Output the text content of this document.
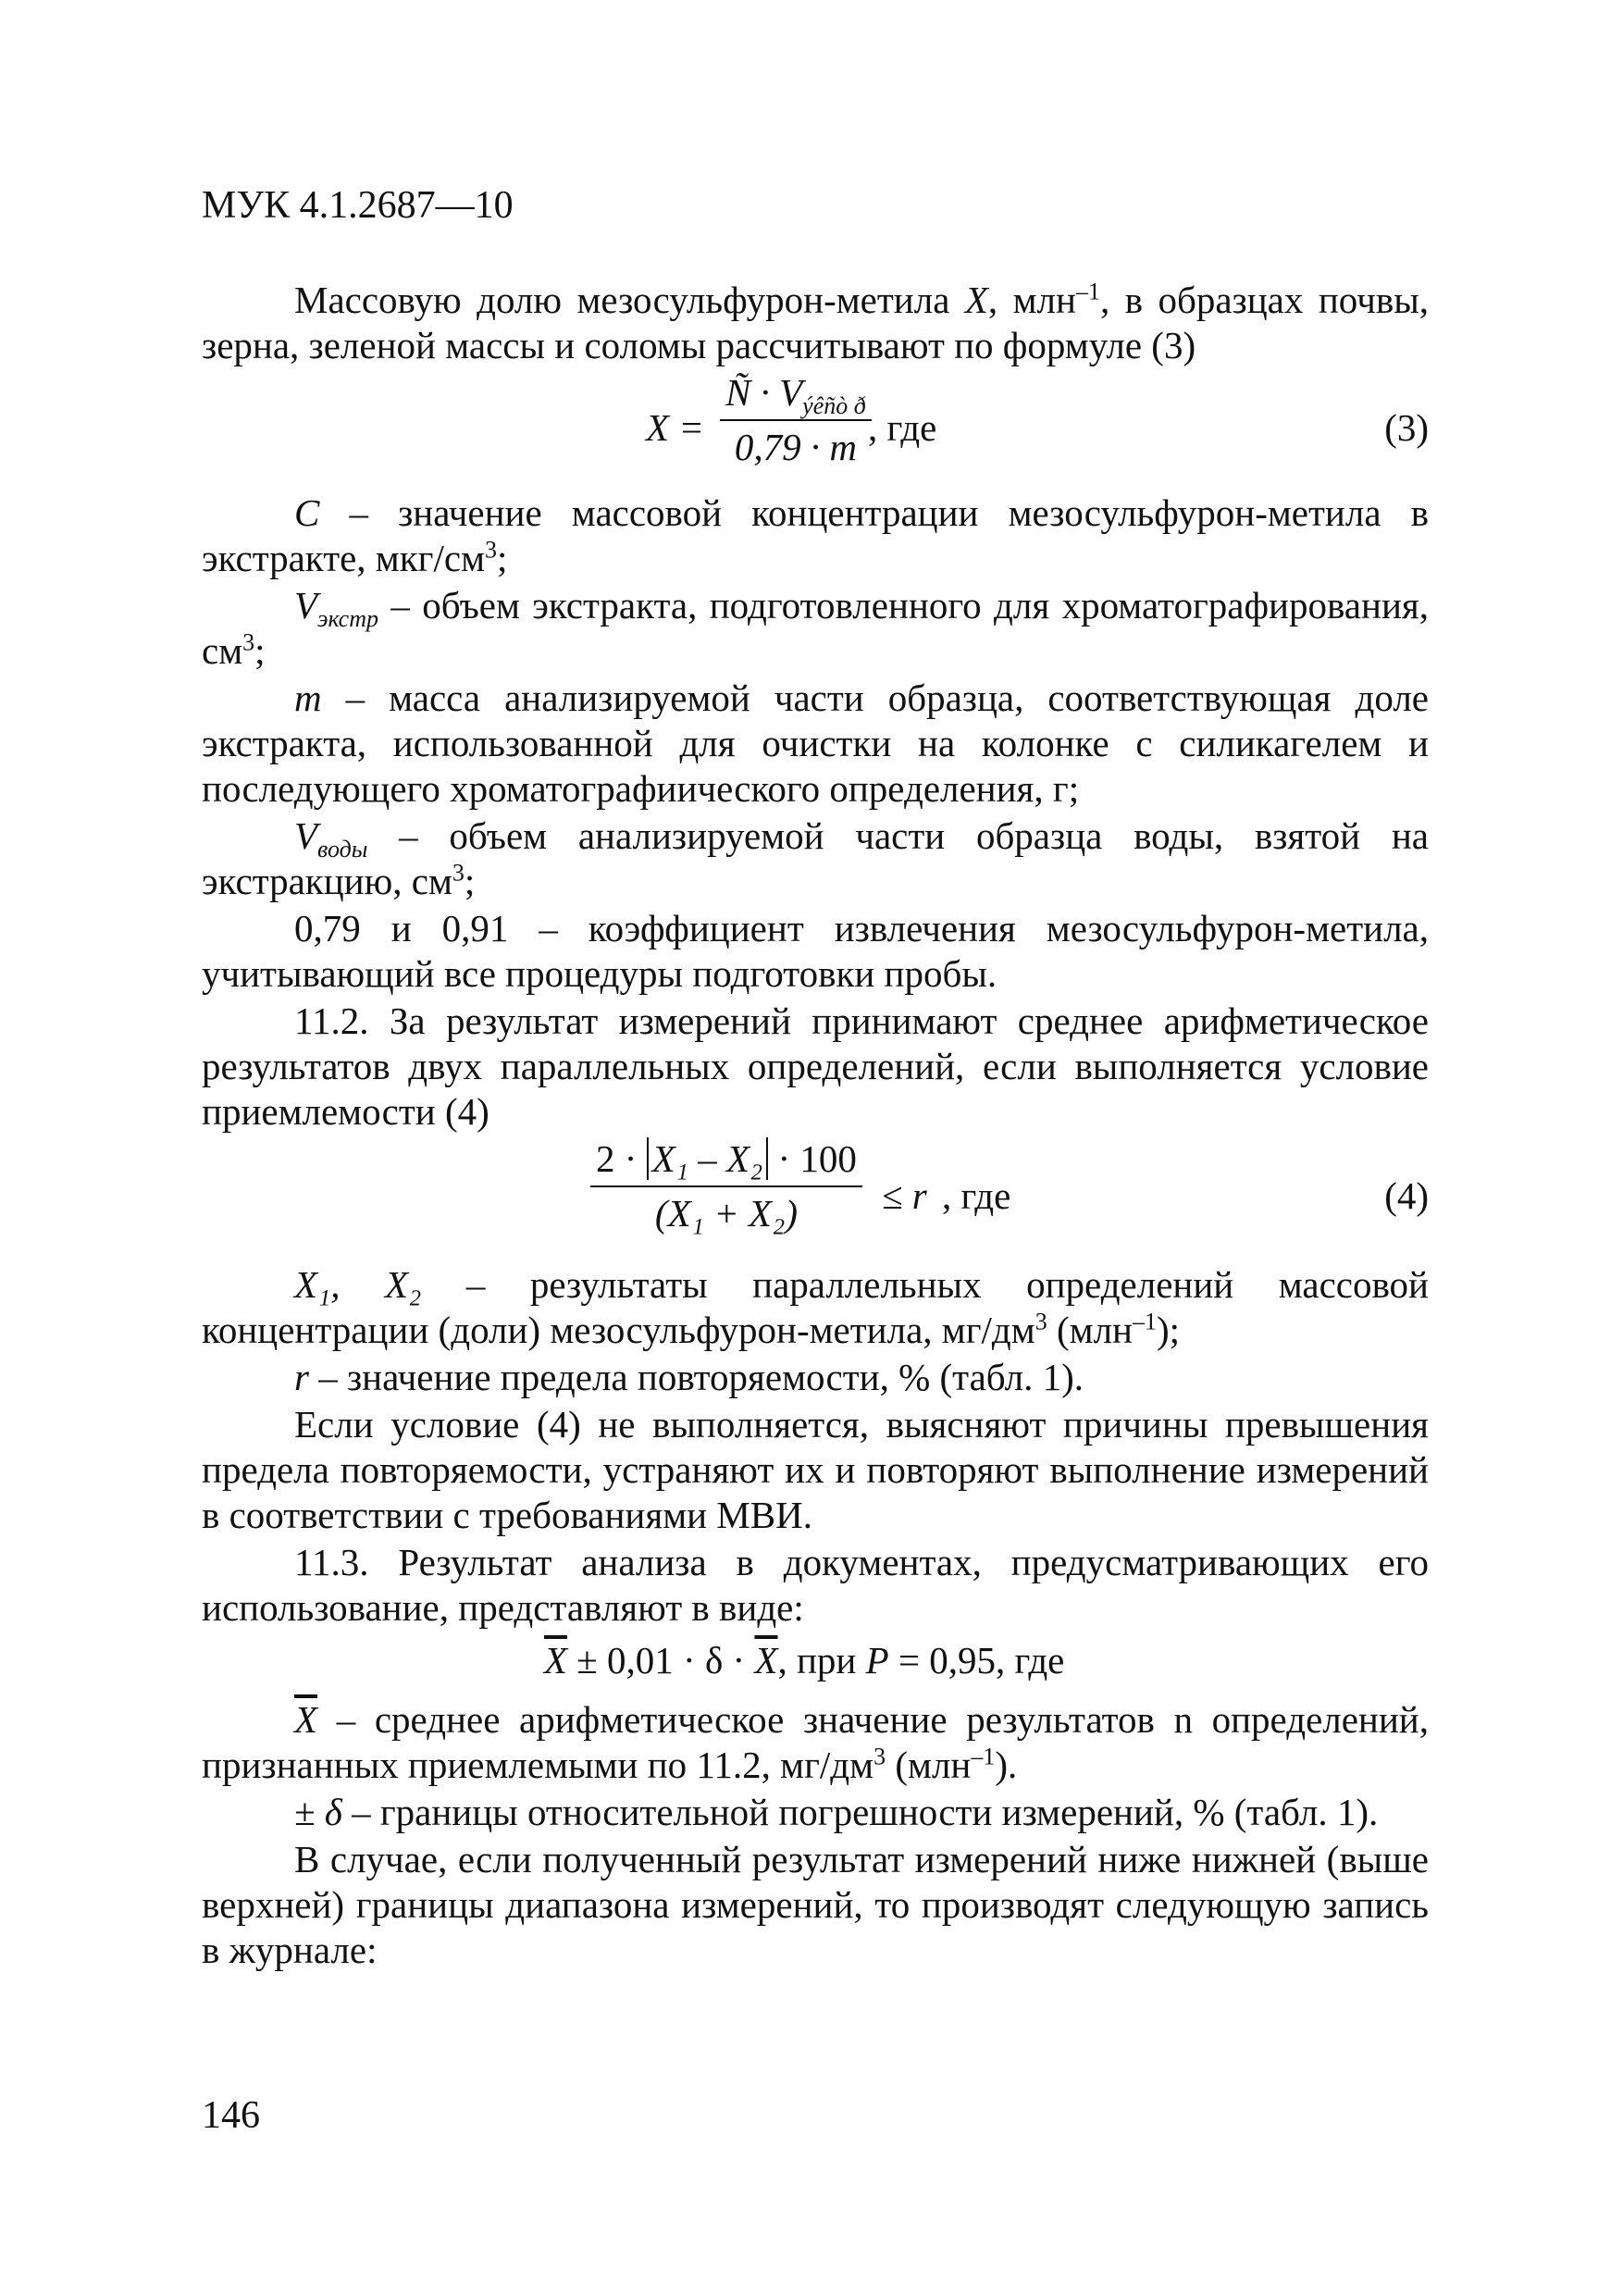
МУК 4.1.2687—10

Массовую долю мезосульфурон-метила X, млн$^{-1}$, в образцах почвы, зерна, зеленой массы и соломы рассчитывают по формуле (3)

X =
Ñ · $V_{ýêñò ð}$
0,79 · m , где	(3)

C – значение массовой концентрации мезосульфурон-метила в экстракте, мкг/$см^3$;

$V_{экстр}$ – объем экстракта, подготовленного для хроматографирования, $см^3$;

m – масса анализируемой части образца, соответствующая доле экстракта, использованной для очистки на колонке с силикагелем и последующего хроматографиического определения, г;

$V_{воды}$ – объем анализируемой части образца воды, взятой на экстракцию, $см^3$;

0,79 и 0,91 – коэффициент извлечения мезосульфурон-метила, учитывающий все процедуры подготовки пробы.

11.2. За результат измерений принимают среднее арифметическое результатов двух параллельных определений, если выполняется условие приемлемости (4)

2 · X₁ – X₂ · 100
(X₁ + X₂)	≤ r , где	(4)

X₁, X₂ – результаты параллельных определений массовой концентрации (доли) мезосульфурон-метила, $мг/дм^3$ (млн$^{-1}$);

r – значение предела повторяемости, % (табл. 1).

Если условие (4) не выполняется, выясняют причины превышения предела повторяемости, устраняют их и повторяют выполнение измерений в соответствии с требованиями МВИ.

11.3. Результат анализа в документах, предусматривающих его использование, представляют в виде:

$\overline{X} \pm 0,01 \cdot \delta \cdot \overline{X}$, при P = 0,95, где

$\overline{X}$ – среднее арифметическое значение результатов n определений, признанных приемлемыми по 11.2, $мг/дм^3$ (млн$^{-1}$).

± δ – границы относительной погрешности измерений, % (табл. 1).

В случае, если полученный результат измерений ниже нижней (выше верхней) границы диапазона измерений, то производят следующую запись в журнале:

146
